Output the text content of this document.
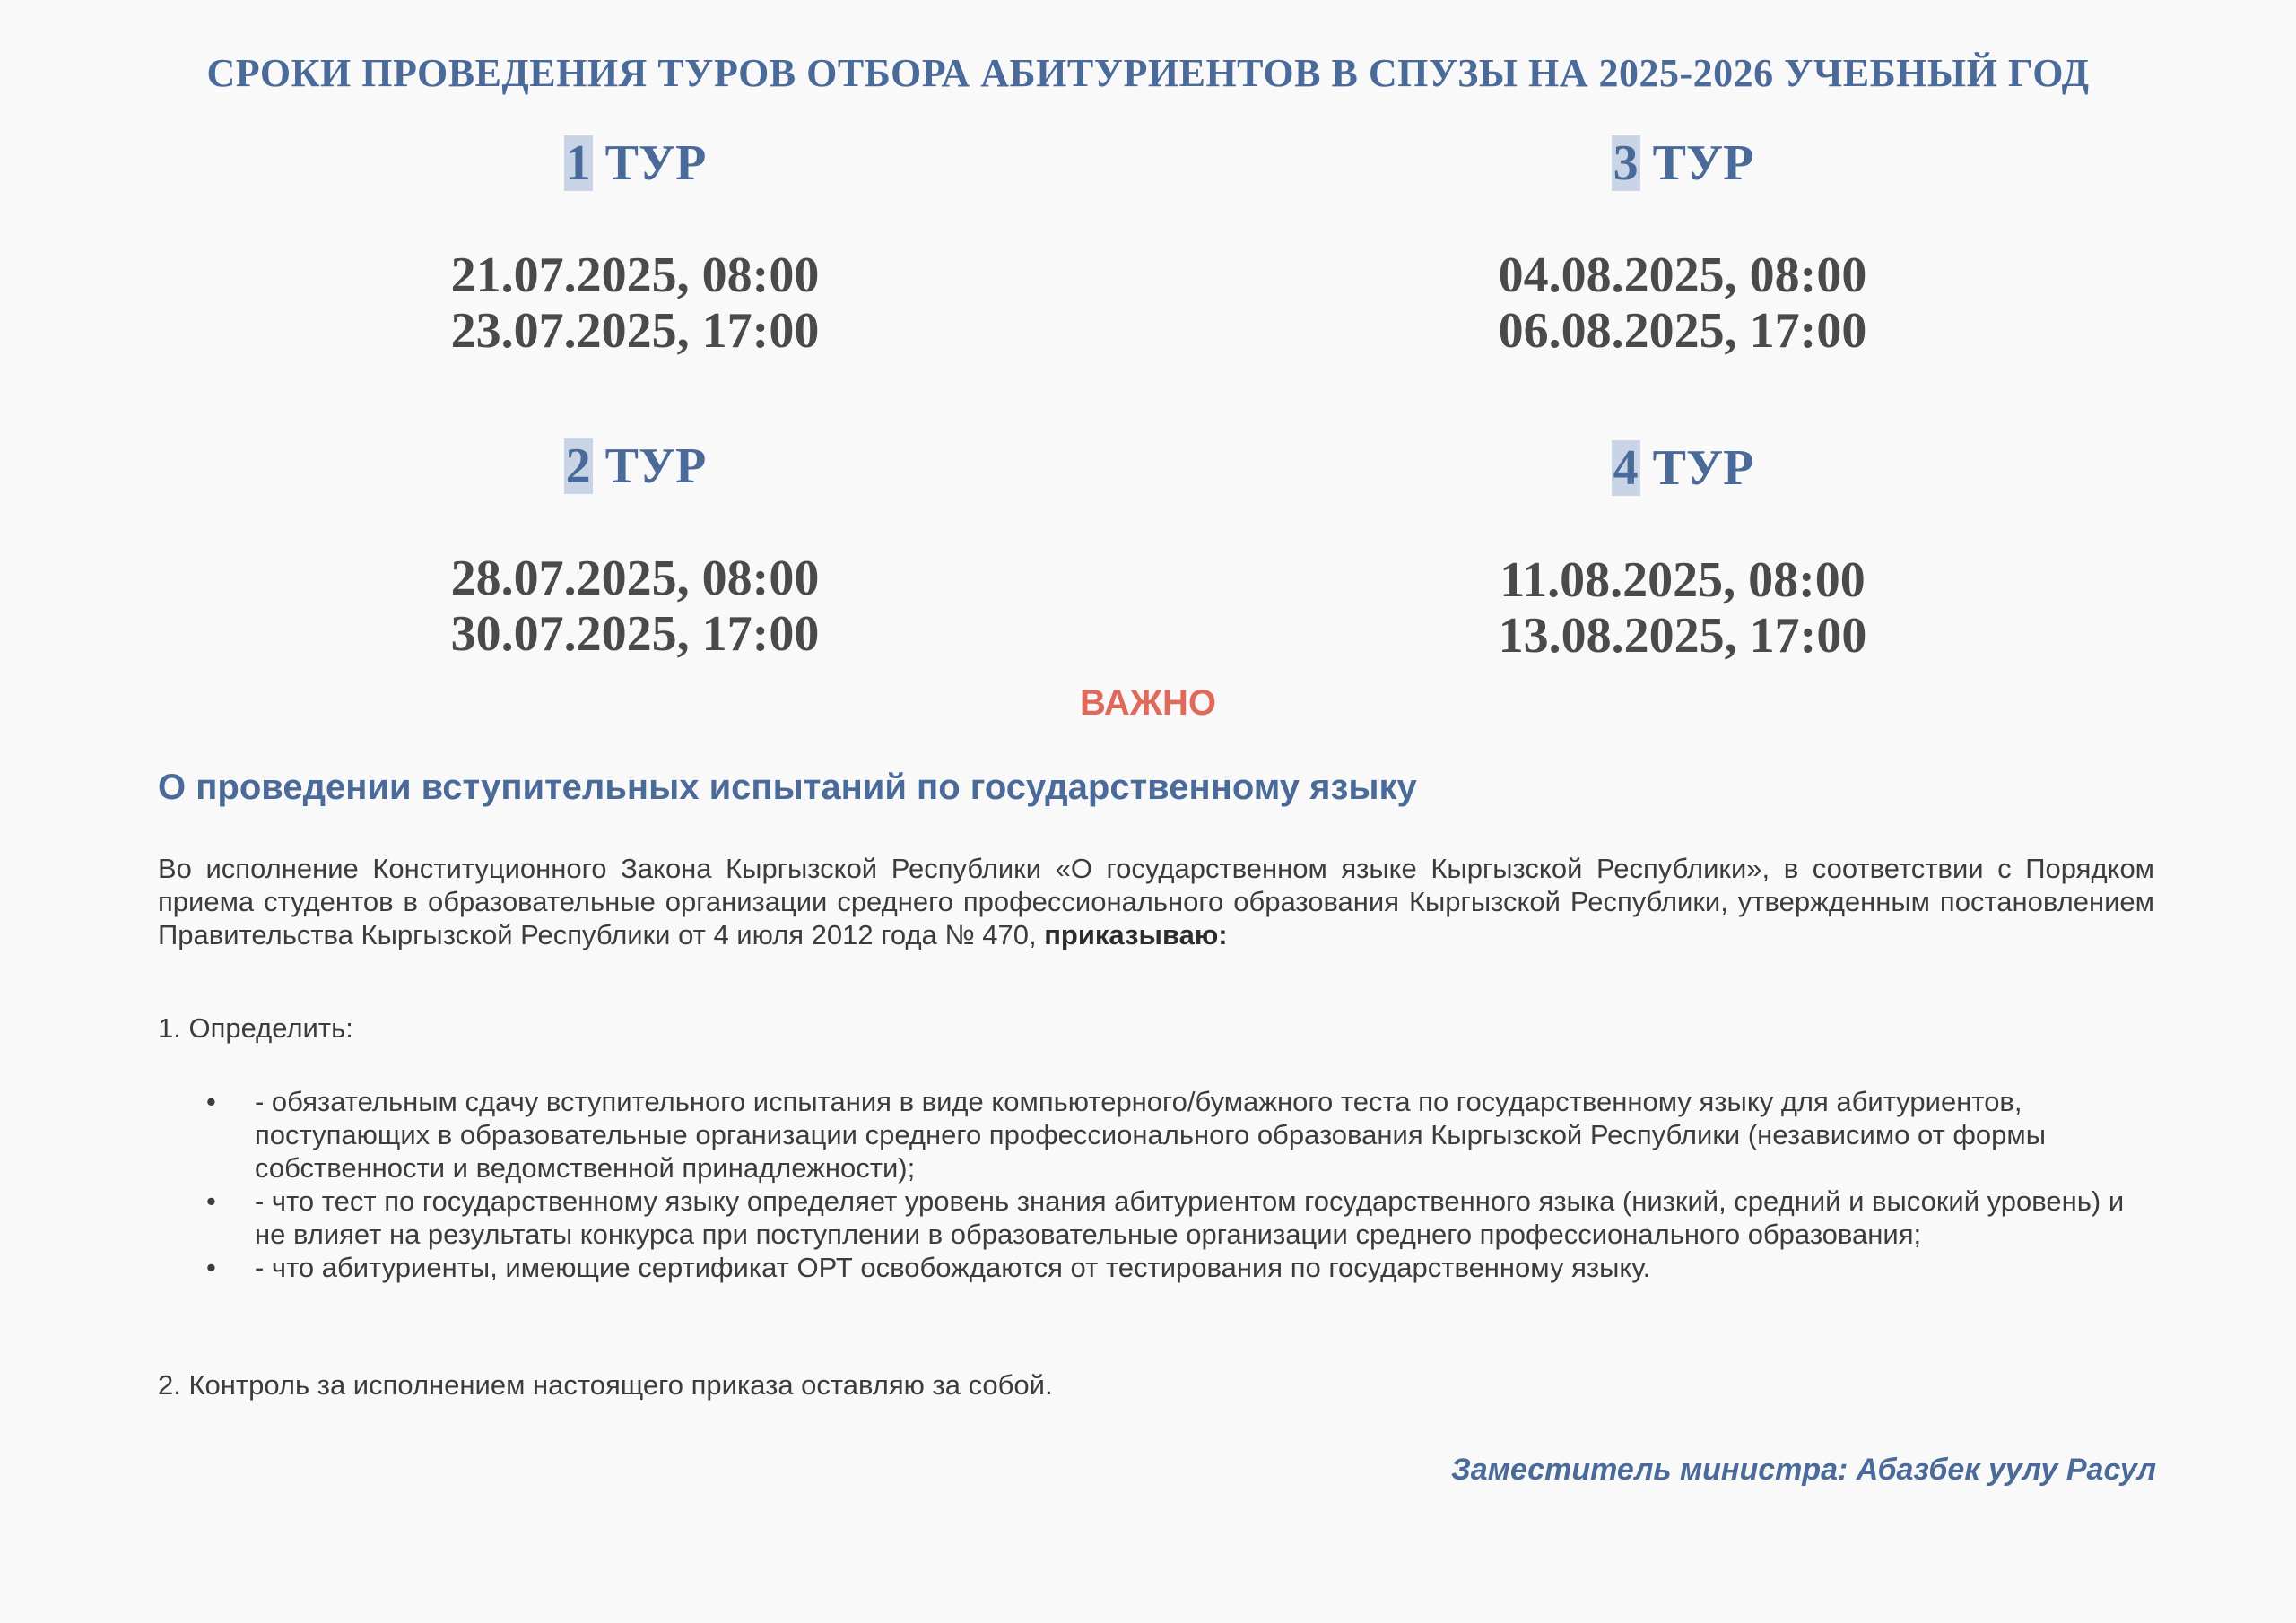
СРОКИ ПРОВЕДЕНИЯ ТУРОВ ОТБОРА АБИТУРИЕНТОВ В СПУЗЫ НА 2025-2026 УЧЕБНЫЙ ГОД
1 ТУР
21.07.2025, 08:00
23.07.2025, 17:00
3 ТУР
04.08.2025, 08:00
06.08.2025, 17:00
2 ТУР
28.07.2025, 08:00
30.07.2025, 17:00
4 ТУР
11.08.2025, 08:00
13.08.2025, 17:00
ВАЖНО
О проведении вступительных испытаний по государственному языку
Во исполнение Конституционного Закона Кыргызской Республики «О государственном языке Кыргызской Республики», в соответствии с Порядком приема студентов в образовательные организации среднего профессионального образования Кыргызской Республики, утвержденным постановлением Правительства Кыргызской Республики от 4 июля 2012 года № 470, приказываю:
1. Определить:
• - обязательным сдачу вступительного испытания в виде компьютерного/бумажного теста по государственному языку для абитуриентов, поступающих в образовательные организации среднего профессионального образования Кыргызской Республики (независимо от формы собственности и ведомственной принадлежности);
• - что тест по государственному языку определяет уровень знания абитуриентом государственного языка (низкий, средний и высокий уровень) и не влияет на результаты конкурса при поступлении в образовательные организации среднего профессионального образования;
• - что абитуриенты, имеющие сертификат ОРТ освобождаются от тестирования по государственному языку.
2. Контроль за исполнением настоящего приказа оставляю за собой.
Заместитель министра: Абазбек уулу Расул
